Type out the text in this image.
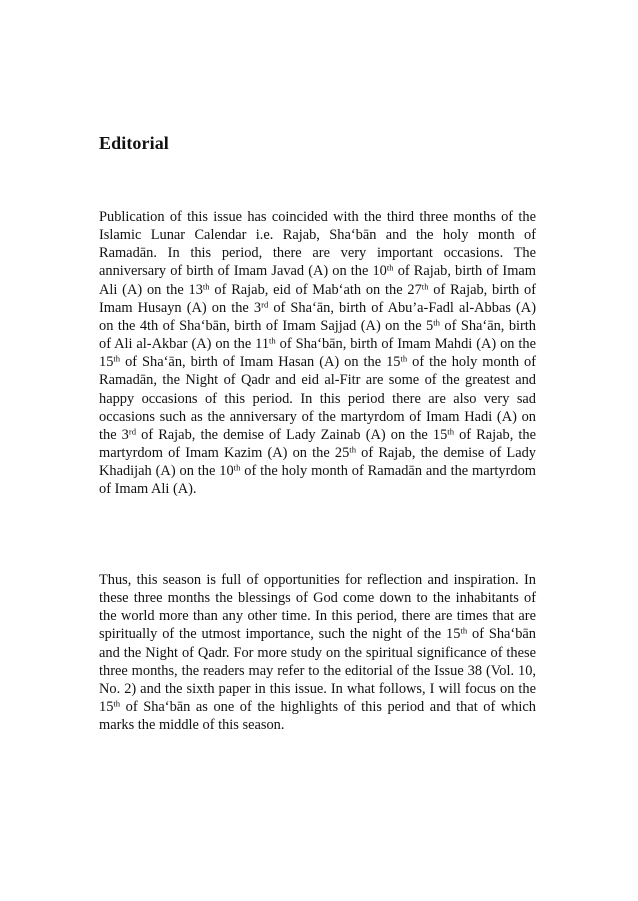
Editorial

Publication of this issue has coincided with the third three months of the Islamic Lunar Calendar i.e. Rajab, Sha‘bān and the holy month of Ramadān. In this period, there are very important occasions. The anniversary of birth of Imam Javad (A) on the 10th of Rajab, birth of Imam Ali (A) on the 13th of Rajab, eid of Mab‘ath on the 27th of Rajab, birth of Imam Husayn (A) on the 3rd of Sha‘ān, birth of Abu’a-Fadl al-Abbas (A) on the 4th of Sha‘bān, birth of Imam Sajjad (A) on the 5th of Sha‘ān, birth of Ali al-Akbar (A) on the 11th of Sha‘bān, birth of Imam Mahdi (A) on the 15th of Sha‘ān, birth of Imam Hasan (A) on the 15th of the holy month of Ramadān, the Night of Qadr and eid al-Fitr are some of the greatest and happy occasions of this period. In this period there are also very sad occasions such as the anniversary of the martyrdom of Imam Hadi (A) on the 3rd of Rajab, the demise of Lady Zainab (A) on the 15th of Rajab, the martyrdom of Imam Kazim (A) on the 25th of Rajab, the demise of Lady Khadijah (A) on the 10th of the holy month of Ramadān and the martyrdom of Imam Ali (A).

Thus, this season is full of opportunities for reflection and inspiration. In these three months the blessings of God come down to the inhabitants of the world more than any other time. In this period, there are times that are spiritually of the utmost importance, such the night of the 15th of Sha‘bān and the Night of Qadr. For more study on the spiritual significance of these three months, the readers may refer to the editorial of the Issue 38 (Vol. 10, No. 2) and the sixth paper in this issue. In what follows, I will focus on the 15th of Sha‘bān as one of the highlights of this period and that of which marks the middle of this season.
